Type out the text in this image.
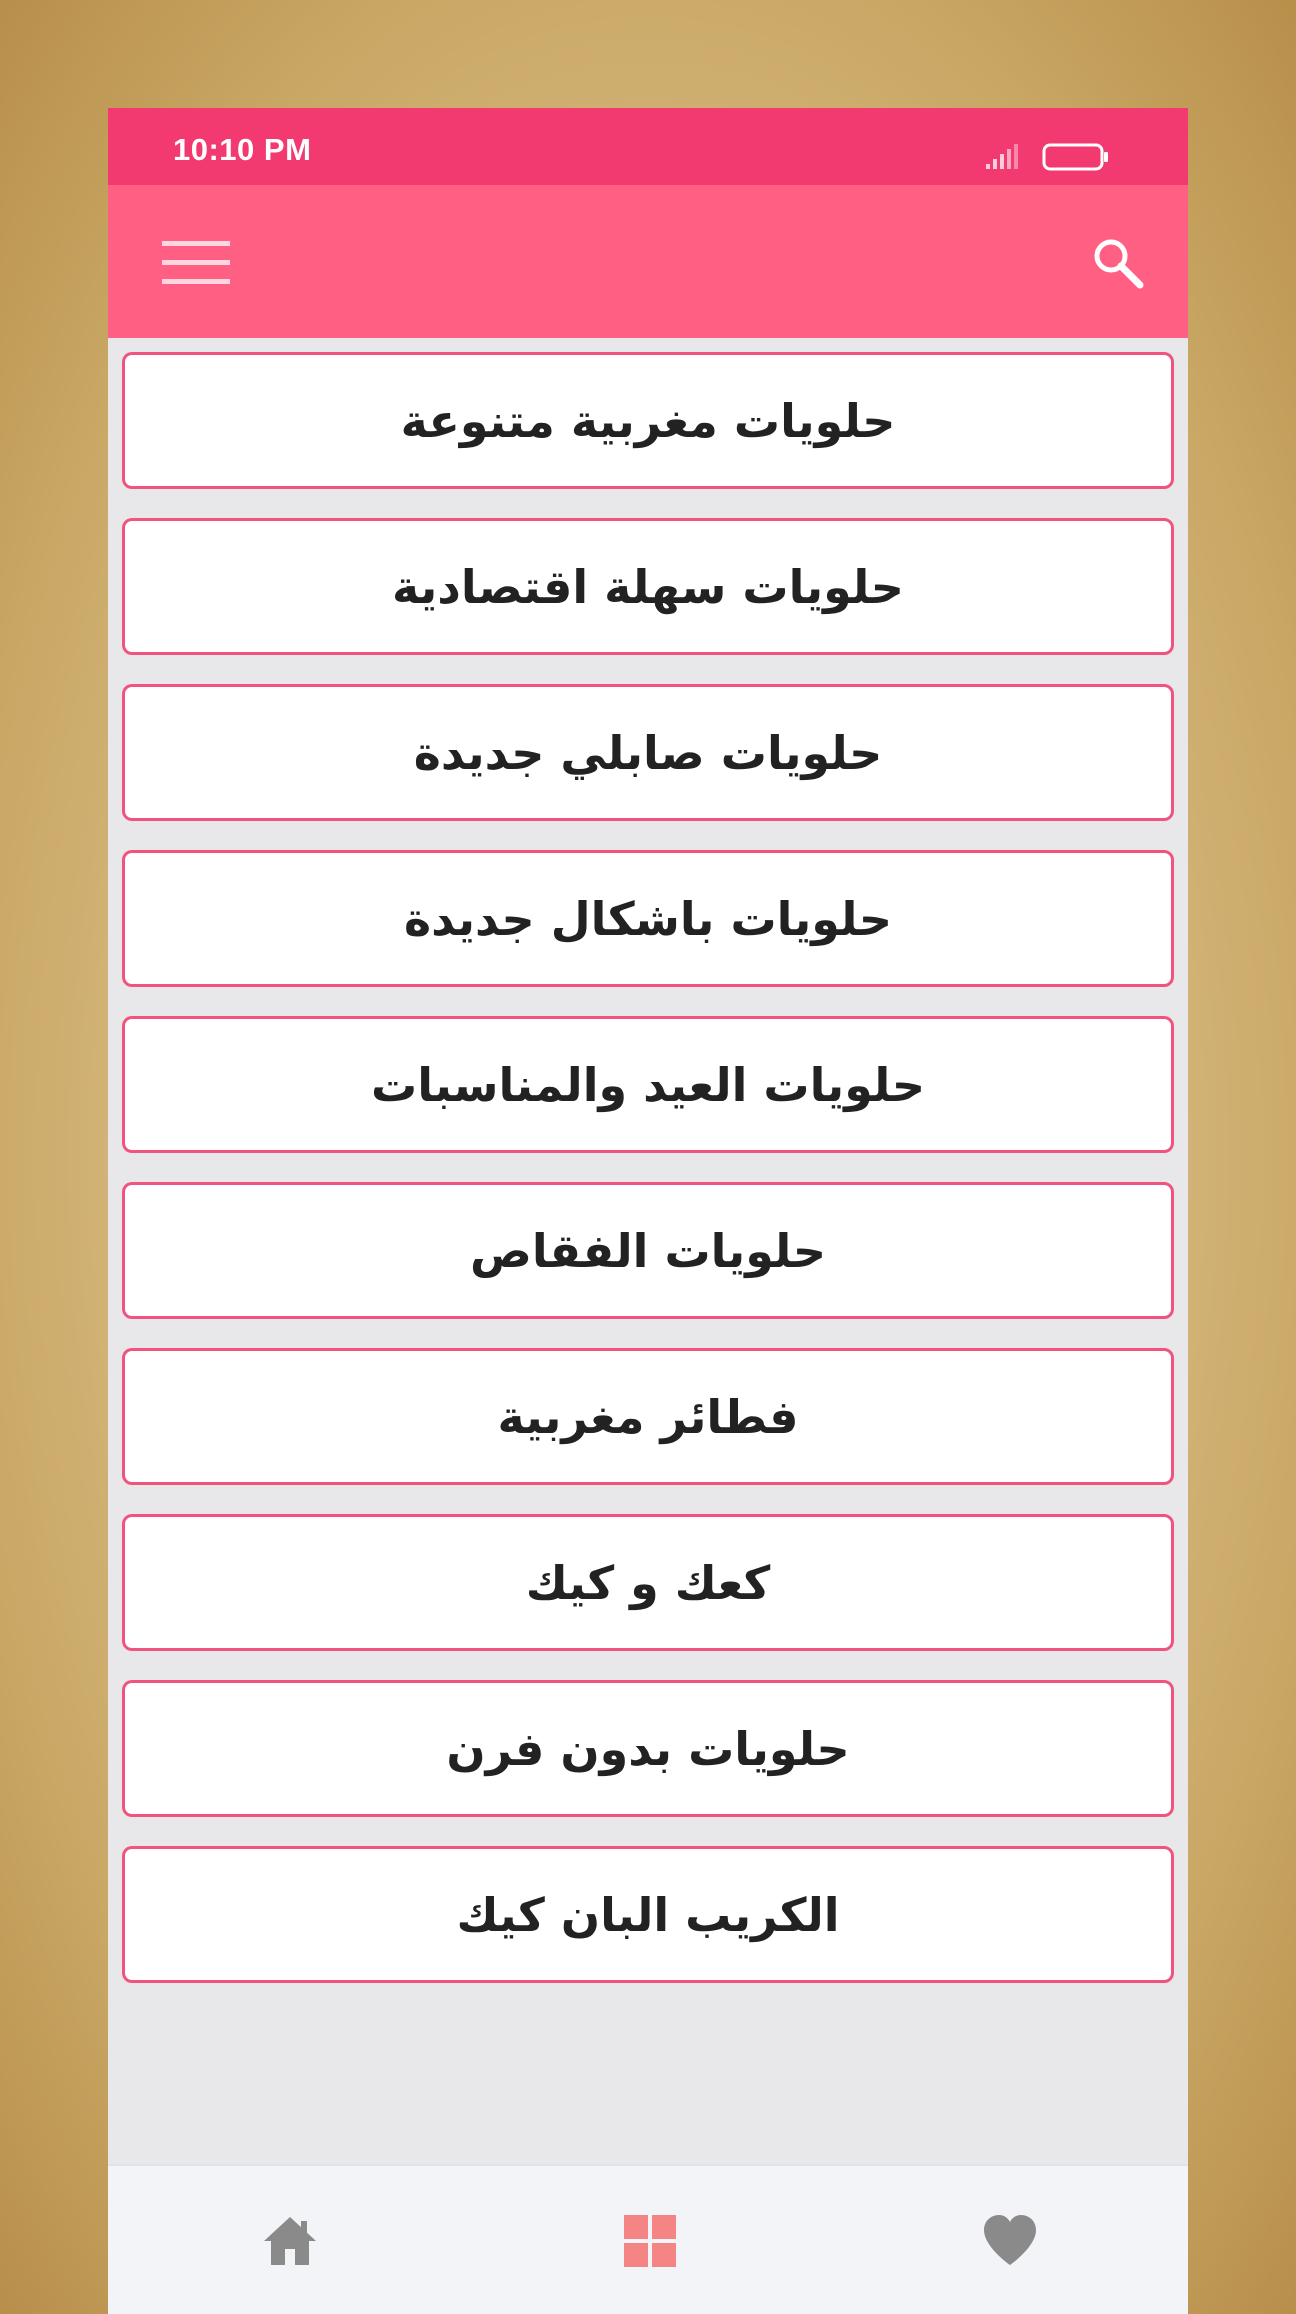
10:10 PM
حلويات مغربية متنوعة
حلويات سهلة اقتصادية
حلويات صابلي جديدة
حلويات باشكال جديدة
حلويات العيد والمناسبات
حلويات الفقاص
فطائر مغربية
كعك و كيك
حلويات بدون فرن
الكريب البان كيك
